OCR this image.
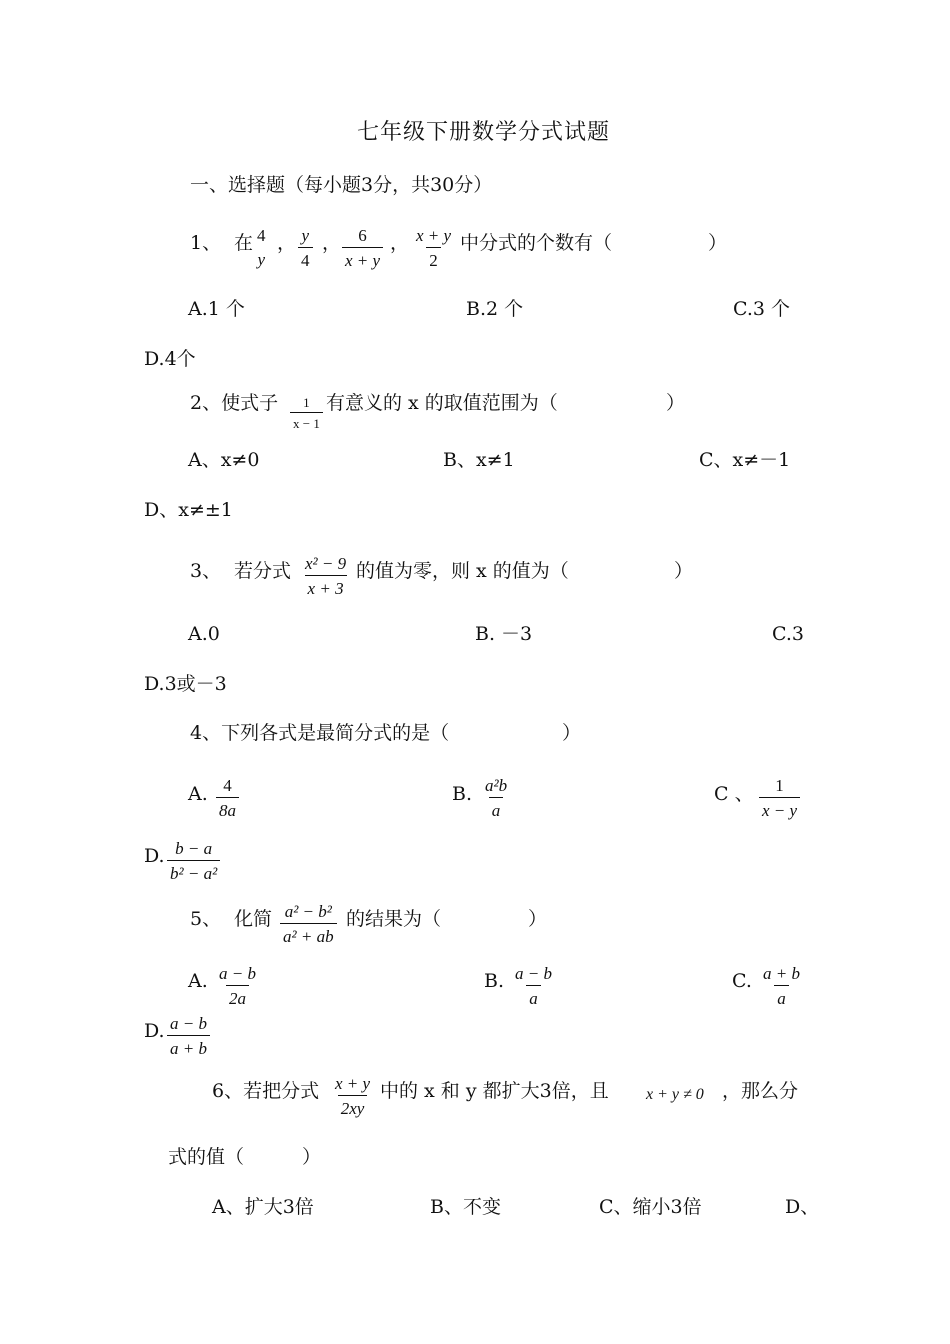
七年级下册数学分式试题
一、选择题（每小题3分，共30分）
1、 在 4
y
， $\frac{y}{4}$ ， $\frac{6}{x + y}$ ， $\frac{x + y}{2}$ 中分式的个数有（	）
A.1 个	B.2 个	C.3 个
D.4个
2、使式子 $\frac{1}{x - 1}$ 有意义的 x 的取值范围为（	）
A、x≠0	B、x≠1	C、x≠－1
D、x≠±1
3、 若分式 $\frac{\text{x² − 9}}{x + 3}$ 的值为零，则 x 的值为（	）
A.0	B. －3	C.3
D.3或－3
4、下列各式是最简分式的是（	）
A. $\frac{4}{8a}$	B. $\frac{\text{a²b}}{a}$	C 、 $\frac{1}{x - y}$
D. $\frac{b - a}{\text{b² − a²}}$
5、 化简 $\frac{\text{a² − b²}}{\text{a² + ab}}$ 的结果为（	）
A. $\frac{a - b}{2a}$	B. $\frac{a - b}{a}$	C. $\frac{a + b}{a}$
D. $\frac{a - b}{a + b}$
6、若把分式 $\frac{x + y}{2xy}$ 中的 x 和 y 都扩大3倍，且 x + y ≠ 0 ，那么分
式的值（	）
A、扩大3倍	B、不变	C、缩小3倍	D、
